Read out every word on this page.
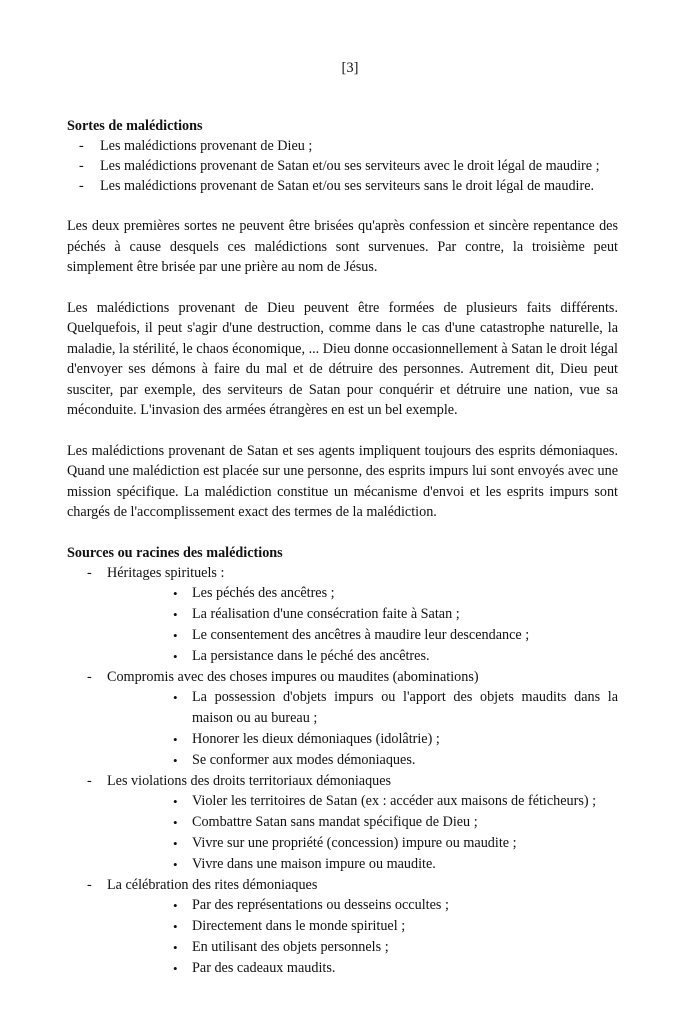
[3]

Sortes de malédictions

- Les malédictions provenant de Dieu ;
- Les malédictions provenant de Satan et/ou ses serviteurs avec le droit légal de maudire ;
- Les malédictions provenant de Satan et/ou ses serviteurs sans le droit légal de maudire.

Les deux premières sortes ne peuvent être brisées qu'après confession et sincère repentance des péchés à cause desquels ces malédictions sont survenues. Par contre, la troisième peut simplement être brisée par une prière au nom de Jésus.

Les malédictions provenant de Dieu peuvent être formées de plusieurs faits différents. Quelquefois, il peut s'agir d'une destruction, comme dans le cas d'une catastrophe naturelle, la maladie, la stérilité, le chaos économique, ... Dieu donne occasionnellement à Satan le droit légal d'envoyer ses démons à faire du mal et de détruire des personnes. Autrement dit, Dieu peut susciter, par exemple, des serviteurs de Satan pour conquérir et détruire une nation, vue sa méconduite. L'invasion des armées étrangères en est un bel exemple.

Les malédictions provenant de Satan et ses agents impliquent toujours des esprits démoniaques. Quand une malédiction est placée sur une personne, des esprits impurs lui sont envoyés avec une mission spécifique. La malédiction constitue un mécanisme d'envoi et les esprits impurs sont chargés de l'accomplissement exact des termes de la malédiction.

Sources ou racines des malédictions

- Héritages spirituels :
• Les péchés des ancêtres ;
• La réalisation d'une consécration faite à Satan ;
• Le consentement des ancêtres à maudire leur descendance ;
• La persistance dans le péché des ancêtres.
- Compromis avec des choses impures ou maudites (abominations)
• La possession d'objets impurs ou l'apport des objets maudits dans la maison ou au bureau ;
• Honorer les dieux démoniaques (idolâtrie) ;
• Se conformer aux modes démoniaques.
- Les violations des droits territoriaux démoniaques
• Violer les territoires de Satan (ex : accéder aux maisons de féticheurs) ;
• Combattre Satan sans mandat spécifique de Dieu ;
• Vivre sur une propriété (concession) impure ou maudite ;
• Vivre dans une maison impure ou maudite.
- La célébration des rites démoniaques
• Par des représentations ou desseins occultes ;
• Directement dans le monde spirituel ;
• En utilisant des objets personnels ;
• Par des cadeaux maudits.
